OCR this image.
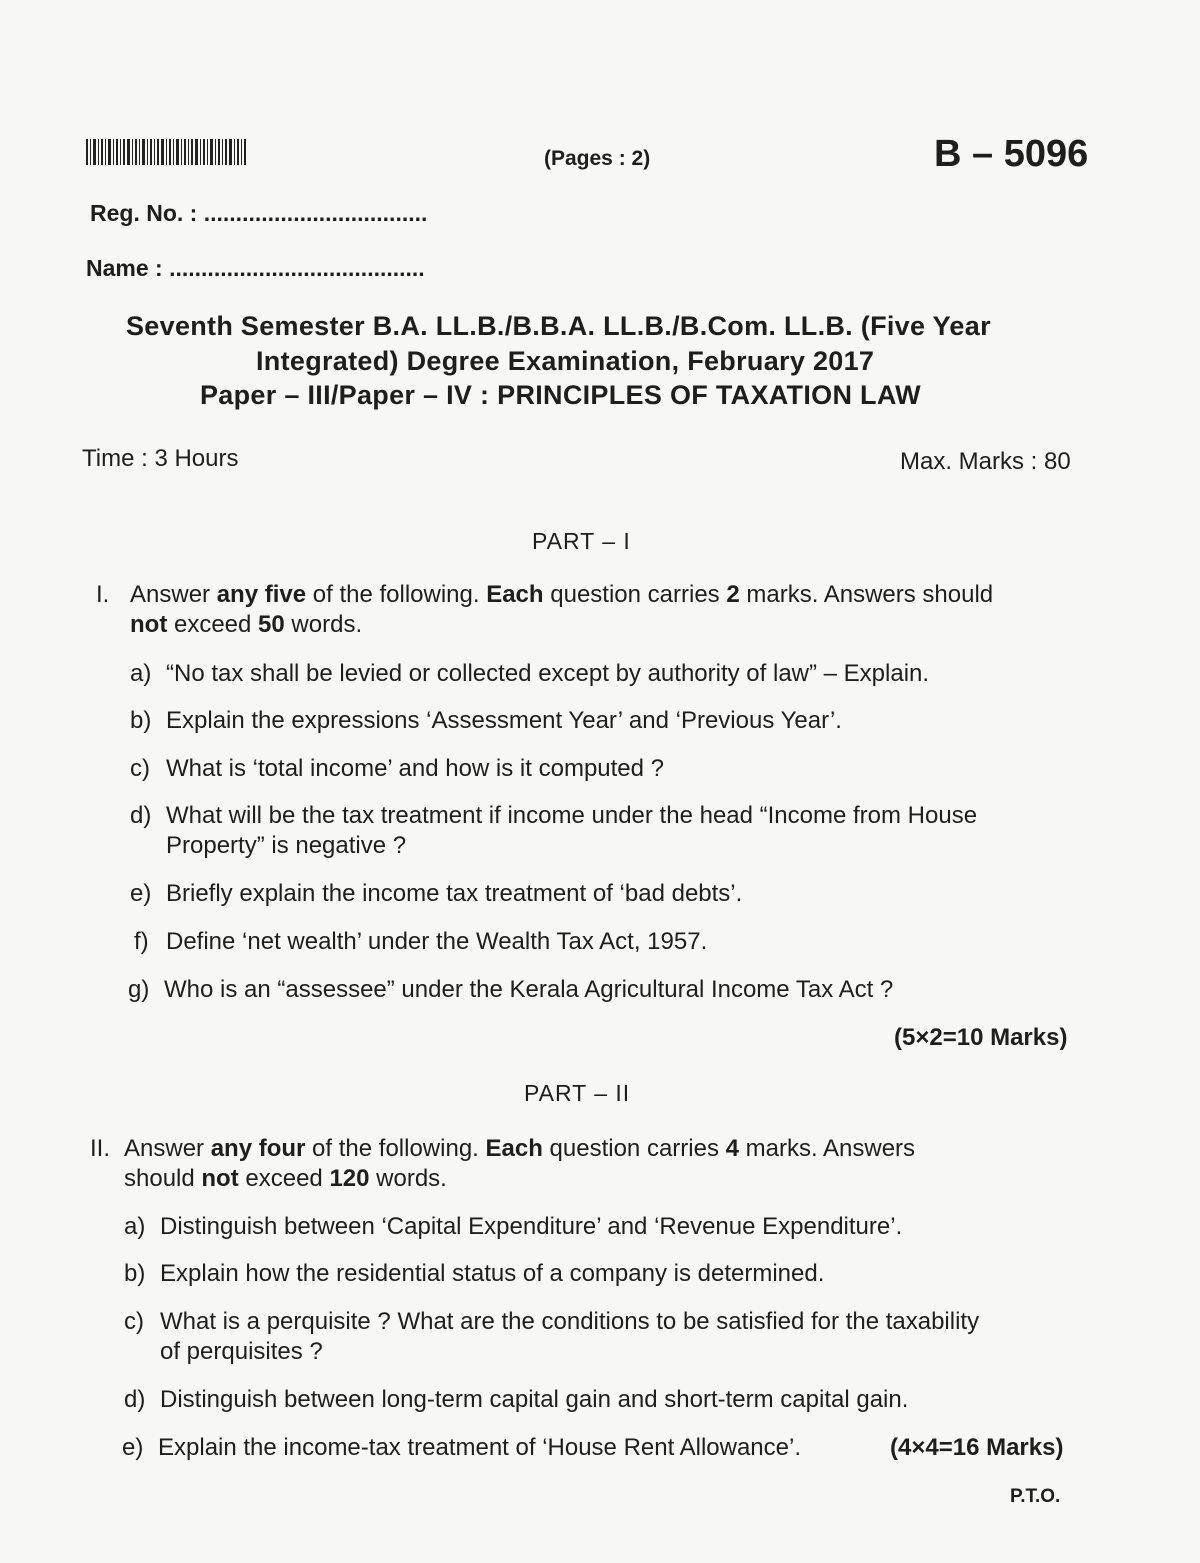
(Pages : 2)	B – 5096
Reg. No. : ...................................
Name : ........................................
Seventh Semester B.A. LL.B./B.B.A. LL.B./B.Com. LL.B. (Five Year
Integrated) Degree Examination, February 2017
Paper – III/Paper – IV : PRINCIPLES OF TAXATION LAW
Time : 3 Hours	Max. Marks : 80
PART – I
I. Answer any five of the following. Each question carries 2 marks. Answers should
not exceed 50 words.
a) “No tax shall be levied or collected except by authority of law” – Explain.
b) Explain the expressions ‘Assessment Year’ and ‘Previous Year’.
c) What is ‘total income’ and how is it computed ?
d) What will be the tax treatment if income under the head “Income from House
Property” is negative ?
e) Briefly explain the income tax treatment of ‘bad debts’.
f) Define ‘net wealth’ under the Wealth Tax Act, 1957.
g) Who is an “assessee” under the Kerala Agricultural Income Tax Act ?
(5×2=10 Marks)
PART – II
II. Answer any four of the following. Each question carries 4 marks. Answers
should not exceed 120 words.
a) Distinguish between ‘Capital Expenditure’ and ‘Revenue Expenditure’.
b) Explain how the residential status of a company is determined.
c) What is a perquisite ? What are the conditions to be satisfied for the taxability
of perquisites ?
d) Distinguish between long-term capital gain and short-term capital gain.
e) Explain the income-tax treatment of ‘House Rent Allowance’.	(4×4=16 Marks)
P.T.O.
